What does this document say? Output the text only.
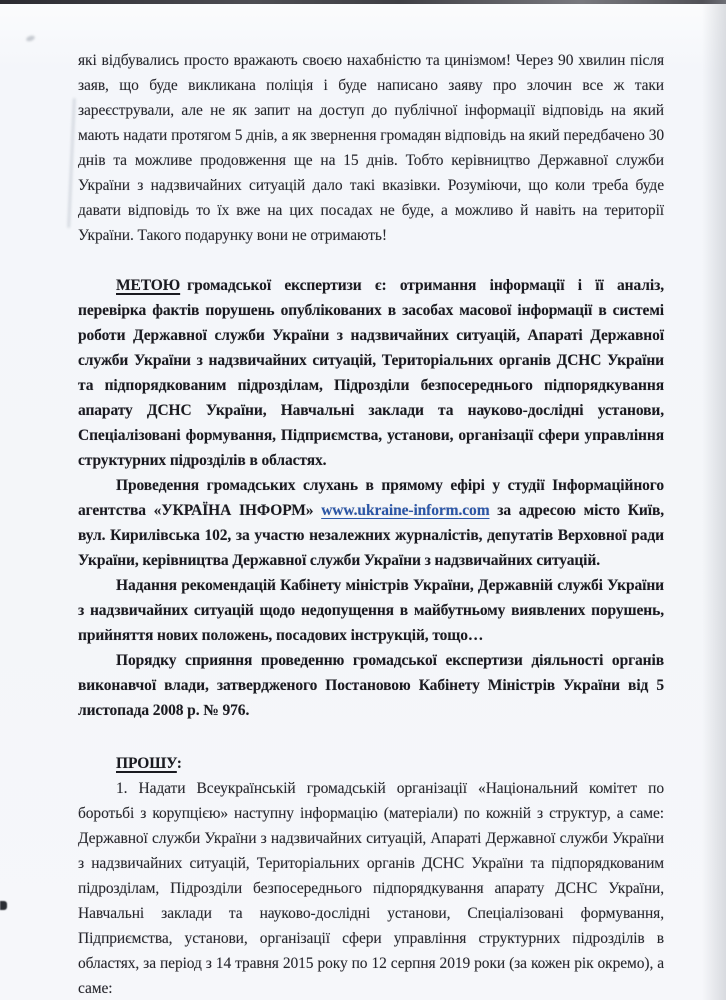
які відбувались просто вражають своєю нахабністю та цинізмом! Через 90 хвилин після заяв, що буде викликана поліція і буде написано заяву про злочин все ж таки зареєстрували, але не як запит на доступ до публічної інформації відповідь на який мають надати протягом 5 днів, а як звернення громадян відповідь на який передбачено 30 днів та можливе продовження ще на 15 днів. Тобто керівництво Державної служби України з надзвичайних ситуацій дало такі вказівки. Розуміючи, що коли треба буде давати відповідь то їх вже на цих посадах не буде, а можливо й навіть на території України. Такого подарунку вони не отримають!

МЕТОЮ громадської експертизи є: отримання інформації і її аналіз, перевірка фактів порушень опублікованих в засобах масової інформації в системі роботи Державної служби України з надзвичайних ситуацій, Апараті Державної служби України з надзвичайних ситуацій, Територіальних органів ДСНС України та підпорядкованим підрозділам, Підрозділи безпосереднього підпорядкування апарату ДСНС України, Навчальні заклади та науково-дослідні установи, Спеціалізовані формування, Підприємства, установи, організації сфери управління структурних підрозділів в областях.

Проведення громадських слухань в прямому ефірі у студії Інформаційного агентства «УКРАЇНА ІНФОРМ» www.ukraine-inform.com за адресою місто Київ, вул. Кирилівська 102, за участю незалежних журналістів, депутатів Верховної ради України, керівництва Державної служби України з надзвичайних ситуацій.

Надання рекомендацій Кабінету міністрів України, Державній службі України з надзвичайних ситуацій щодо недопущення в майбутньому виявлених порушень, прийняття нових положень, посадових інструкцій, тощо…

Порядку сприяння проведенню громадської експертизи діяльності органів виконавчої влади, затвердженого Постановою Кабінету Міністрів України від 5 листопада 2008 р. № 976.

ПРОШУ:

1. Надати Всеукраїнській громадській організації «Національний комітет по боротьбі з корупцією» наступну інформацію (матеріали) по кожній з структур, а саме: Державної служби України з надзвичайних ситуацій, Апараті Державної служби України з надзвичайних ситуацій, Територіальних органів ДСНС України та підпорядкованим підрозділам, Підрозділи безпосереднього підпорядкування апарату ДСНС України, Навчальні заклади та науково-дослідні установи, Спеціалізовані формування, Підприємства, установи, організації сфери управління структурних підрозділів в областях, за період з 14 травня 2015 року по 12 серпня 2019 роки (за кожен рік окремо), а саме:
